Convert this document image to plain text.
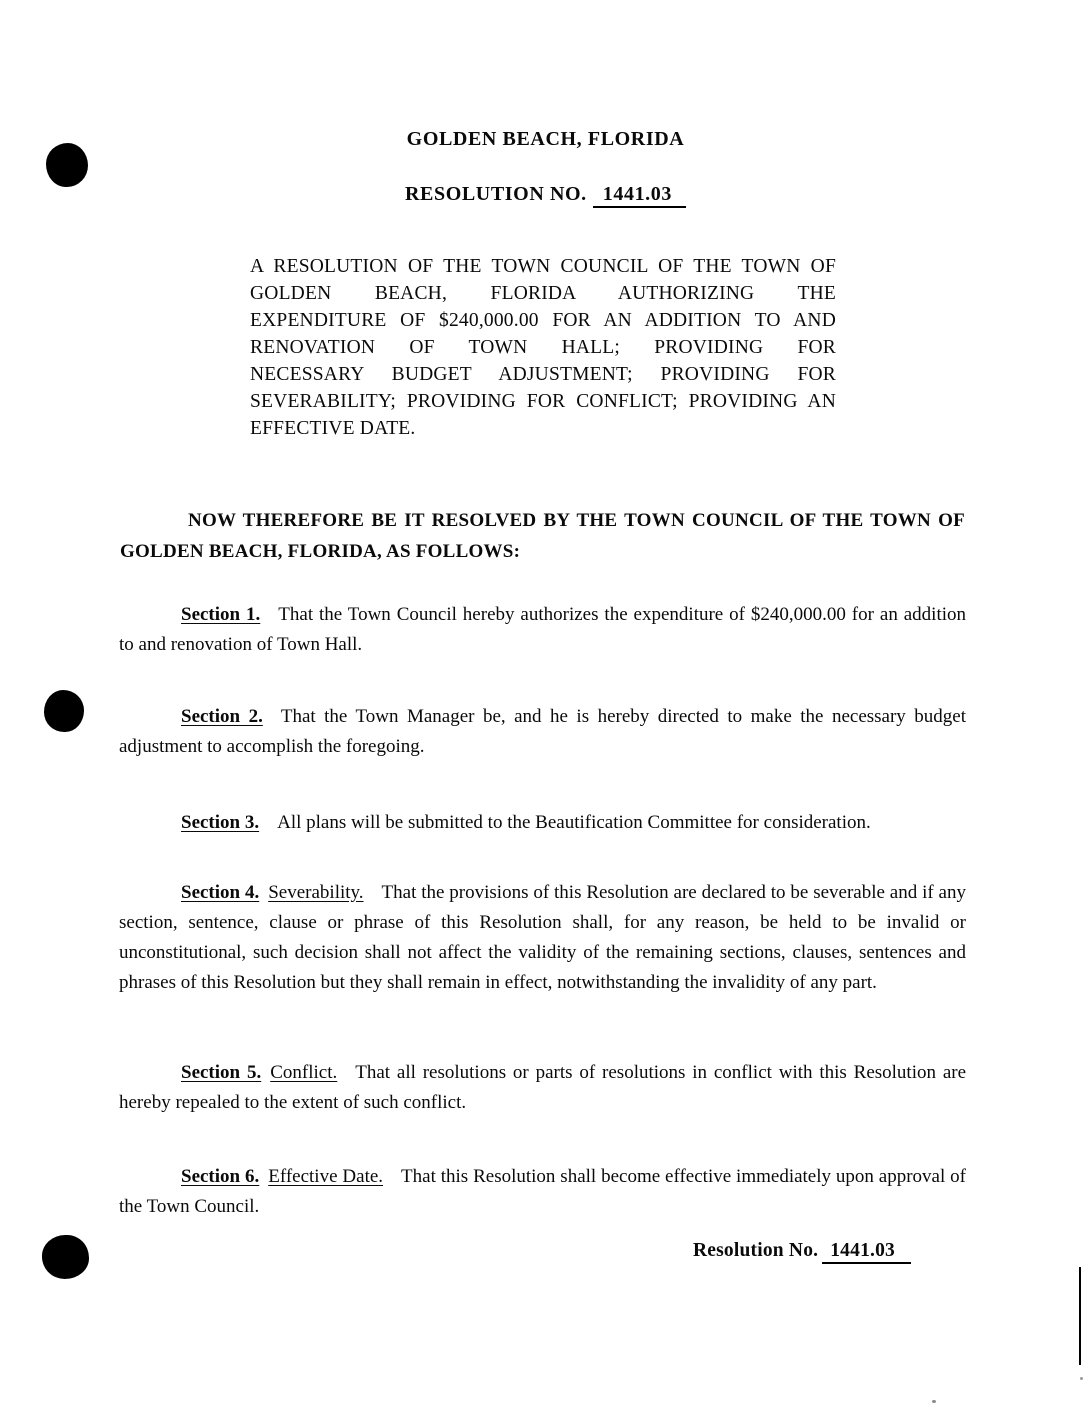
GOLDEN BEACH, FLORIDA
RESOLUTION NO. 1441.03
A RESOLUTION OF THE TOWN COUNCIL OF THE TOWN OF
GOLDEN BEACH, FLORIDA AUTHORIZING THE
EXPENDITURE OF $240,000.00 FOR AN ADDITION TO AND
RENOVATION OF TOWN HALL; PROVIDING FOR
NECESSARY BUDGET ADJUSTMENT; PROVIDING FOR
SEVERABILITY; PROVIDING FOR CONFLICT; PROVIDING AN
EFFECTIVE DATE.
NOW THEREFORE BE IT RESOLVED BY THE TOWN COUNCIL OF THE TOWN OF GOLDEN BEACH, FLORIDA, AS FOLLOWS:

Section 1. That the Town Council hereby authorizes the expenditure of $240,000.00 for an addition to and renovation of Town Hall.

Section 2. That the Town Manager be, and he is hereby directed to make the necessary budget adjustment to accomplish the foregoing.

Section 3. All plans will be submitted to the Beautification Committee for consideration.

Section 4. Severability. That the provisions of this Resolution are declared to be severable and if any section, sentence, clause or phrase of this Resolution shall, for any reason, be held to be invalid or unconstitutional, such decision shall not affect the validity of the remaining sections, clauses, sentences and phrases of this Resolution but they shall remain in effect, notwithstanding the invalidity of any part.

Section 5. Conflict. That all resolutions or parts of resolutions in conflict with this Resolution are hereby repealed to the extent of such conflict.

Section 6. Effective Date. That this Resolution shall become effective immediately upon approval of the Town Council.

Resolution No. 1441.03
